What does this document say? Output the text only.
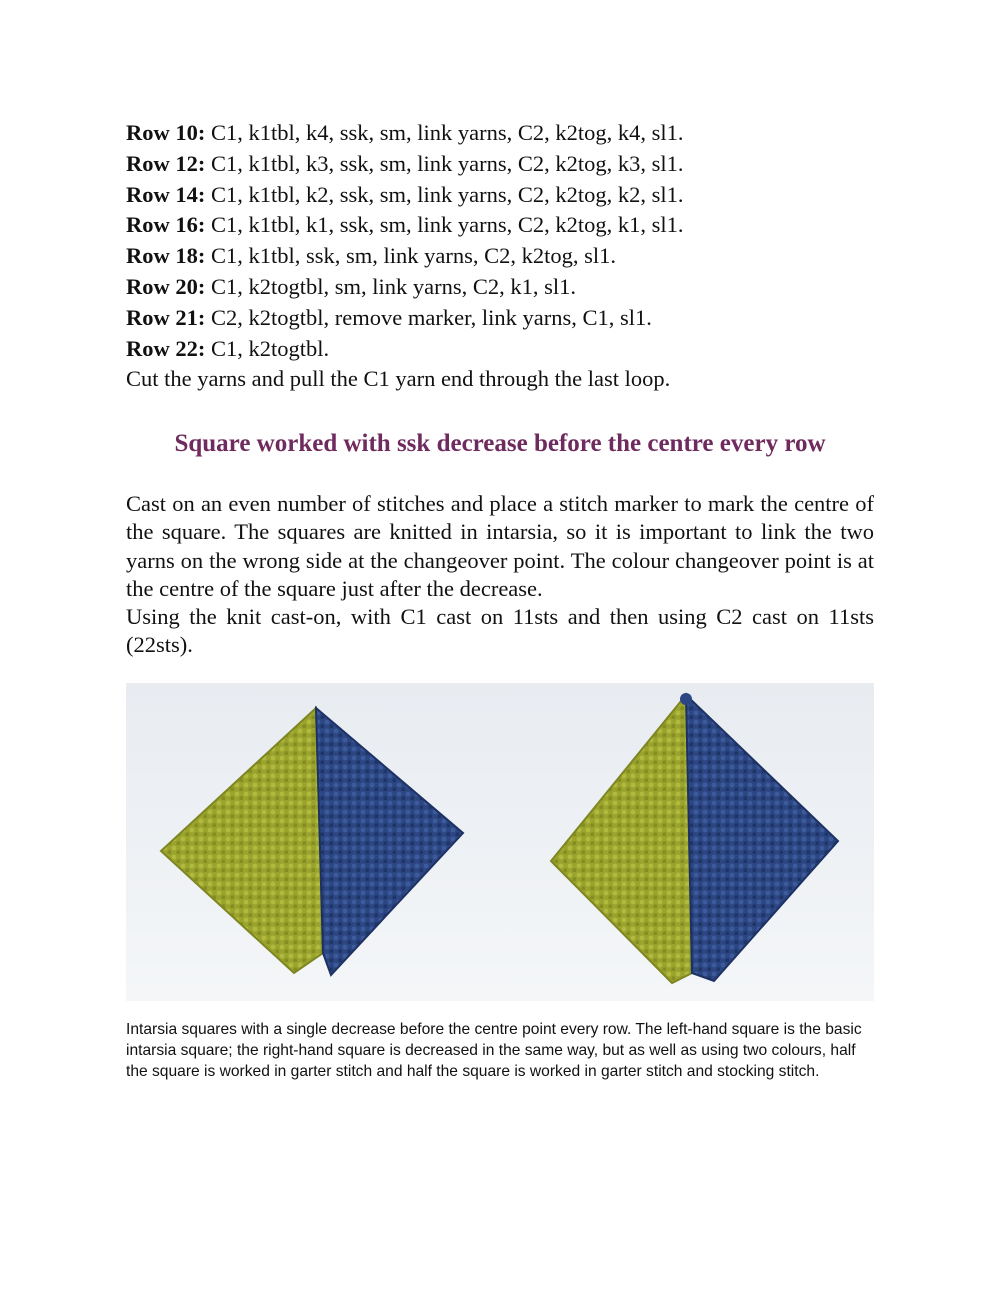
Row 10: C1, k1tbl, k4, ssk, sm, link yarns, C2, k2tog, k4, sl1.
Row 12: C1, k1tbl, k3, ssk, sm, link yarns, C2, k2tog, k3, sl1.
Row 14: C1, k1tbl, k2, ssk, sm, link yarns, C2, k2tog, k2, sl1.
Row 16: C1, k1tbl, k1, ssk, sm, link yarns, C2, k2tog, k1, sl1.
Row 18: C1, k1tbl, ssk, sm, link yarns, C2, k2tog, sl1.
Row 20: C1, k2togtbl, sm, link yarns, C2, k1, sl1.
Row 21: C2, k2togtbl, remove marker, link yarns, C1, sl1.
Row 22: C1, k2togtbl.
Cut the yarns and pull the C1 yarn end through the last loop.
Square worked with ssk decrease before the centre every row

Cast on an even number of stitches and place a stitch marker to mark the centre of the square. The squares are knitted in intarsia, so it is important to link the two yarns on the wrong side at the changeover point. The colour changeover point is at the centre of the square just after the decrease.

Using the knit cast-on, with C1 cast on 11sts and then using C2 cast on 11sts (22sts).

Intarsia squares with a single decrease before the centre point every row. The left-hand square is the basic intarsia square; the right-hand square is decreased in the same way, but as well as using two colours, half the square is worked in garter stitch and half the square is worked in garter stitch and stocking stitch.
